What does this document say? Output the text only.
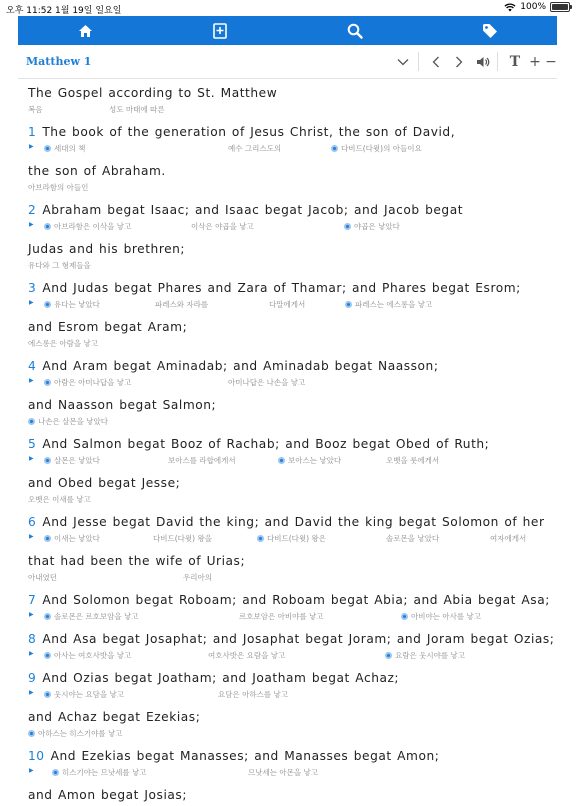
오후 11:52 1월 19일 일요일	100%
Matthew 1	T + −
The Gospel according to St. Matthew
복음	성도 마태에 따른
1 The book of the generation of Jesus Christ, the son of David,
▶	세대의 책	예수 그리스도의	다비드(다윗)의 아들이요
the son of Abraham.
아브라함의 아들인
2 Abraham begat Isaac; and Isaac begat Jacob; and Jacob begat
▶	아브라함은 이삭을 낳고	이삭은 야곱을 낳고	야곱은 낳았다
Judas and his brethren;
유다와 그 형제들을
3 And Judas begat Phares and Zara of Thamar; and Phares begat Esrom;
▶	유다는 낳았다	파레스와 자라를	다말에게서	파레스는 에스롱을 낳고
and Esrom begat Aram;
에스롱은 아람을 낳고
4 And Aram begat Aminadab; and Aminadab begat Naasson;
▶	아람은 아미나답을 낳고	아미나답은 나손을 낳고
and Naasson begat Salmon;
나손은 살몬을 낳았다
5 And Salmon begat Booz of Rachab; and Booz begat Obed of Ruth;
▶	살몬은 낳았다	보아스를 라합에게서	보아스는 낳았다	오벳을 룻에게서
and Obed begat Jesse;
오벳은 이새를 낳고
6 And Jesse begat David the king; and David the king begat Solomon of her
▶	이새는 낳았다	다비드(다윗) 왕을	다비드(다윗) 왕은	솔로몬을 낳았다	여자에게서
that had been the wife of Urias;
아내였던	우리아의
7 And Solomon begat Roboam; and Roboam begat Abia; and Abia begat Asa;
▶	솔로몬은 르호보암을 낳고	르호보암은 아비야를 낳고	아비야는 아사를 낳고
8 And Asa begat Josaphat; and Josaphat begat Joram; and Joram begat Ozias;
▶	아사는 여호사밧을 낳고	여호사밧은 요람을 낳고	요람은 웃시야를 낳고
9 And Ozias begat Joatham; and Joatham begat Achaz;
▶	웃시야는 요담을 낳고	요담은 아하스를 낳고
and Achaz begat Ezekias;
아하스는 히스기야를 낳고
10 And Ezekias begat Manasses; and Manasses begat Amon;
▶	히스기야는 므낫세를 낳고	므낫세는 아몬을 낳고
and Amon begat Josias;
